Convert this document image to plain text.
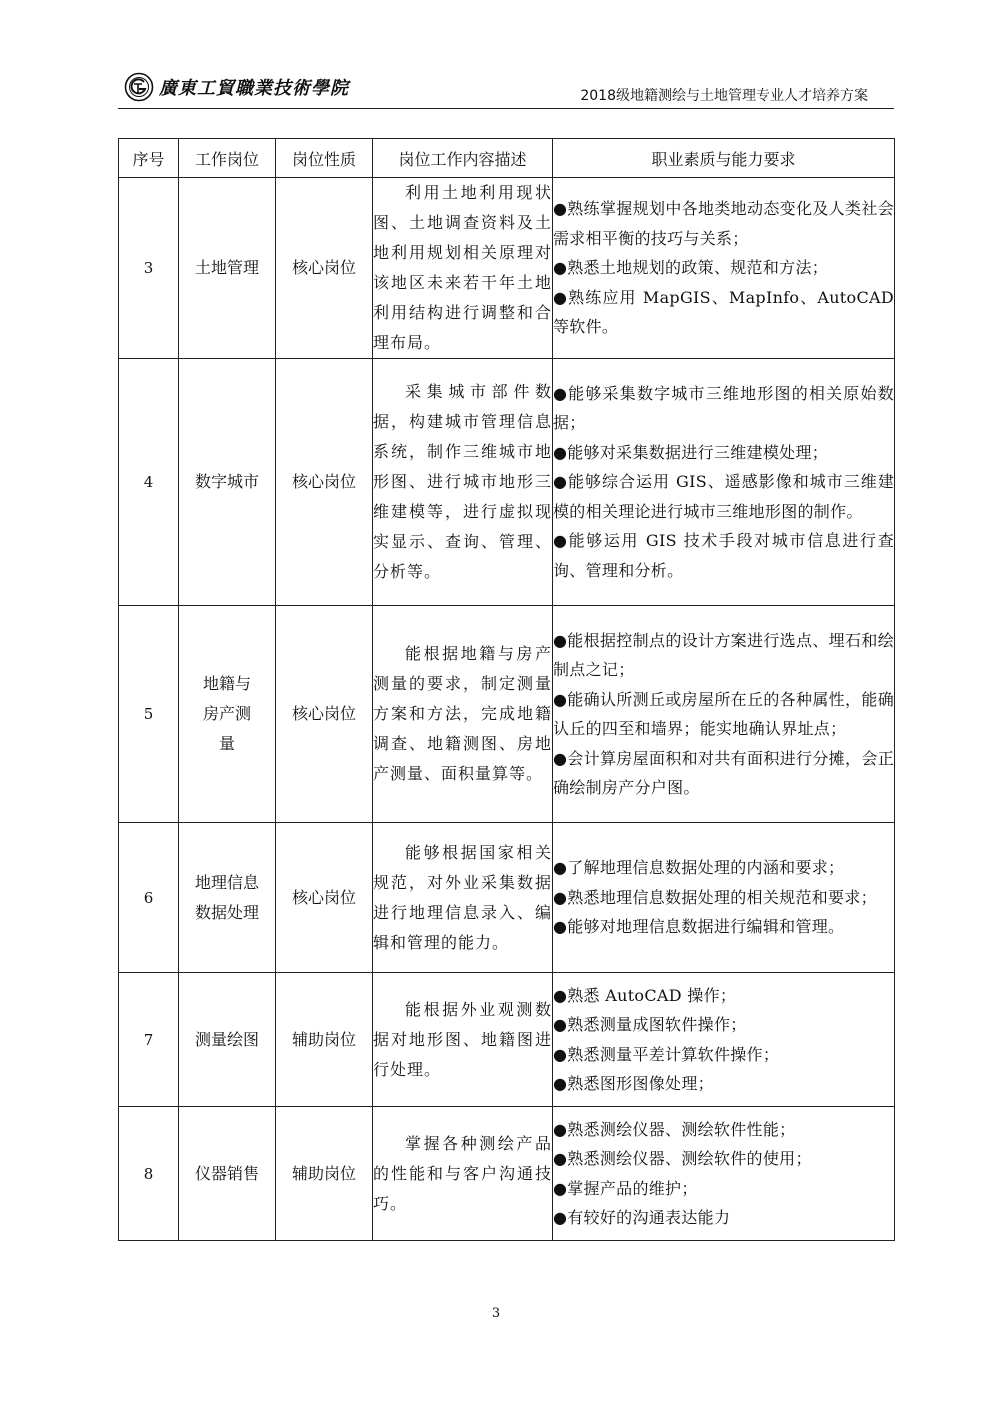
廣東工貿職業技術學院	2018级地籍测绘与土地管理专业人才培养方案
序号	工作岗位	岗位性质	岗位工作内容描述	职业素质与能力要求
3	土地管理	核心岗位	利用土地利用现状图、土地调查资料及土地利用规划相关原理对该地区未来若干年土地利用结构进行调整和合理布局。	●熟练掌握规划中各地类地动态变化及人类社会需求相平衡的技巧与关系；
●熟悉土地规划的政策、规范和方法；
●熟练应用 MapGIS、MapInfo、AutoCAD 等软件。

4	数字城市	核心岗位	采集城市部件数据，构建城市管理信息系统，制作三维城市地形图、进行城市地形三维建模等，进行虚拟现实显示、查询、管理、分析等。	●能够采集数字城市三维地形图的相关原始数据；
●能够对采集数据进行三维建模处理；
●能够综合运用 GIS、遥感影像和城市三维建模的相关理论进行城市三维地形图的制作。
●能够运用 GIS 技术手段对城市信息进行查询、管理和分析。

5	地籍与房产测量	核心岗位	能根据地籍与房产测量的要求，制定测量方案和方法，完成地籍调查、地籍测图、房地产测量、面积量算等。	●能根据控制点的设计方案进行选点、埋石和绘制点之记；
●能确认所测丘或房屋所在丘的各种属性，能确认丘的四至和墙界；能实地确认界址点；
●会计算房屋面积和对共有面积进行分摊，会正确绘制房产分户图。

6	地理信息数据处理	核心岗位	能够根据国家相关规范，对外业采集数据进行地理信息录入、编辑和管理的能力。	●了解地理信息数据处理的内涵和要求；
●熟悉地理信息数据处理的相关规范和要求；
●能够对地理信息数据进行编辑和管理。

7	测量绘图	辅助岗位	能根据外业观测数据对地形图、地籍图进行处理。	●熟悉 AutoCAD 操作；
●熟悉测量成图软件操作；
●熟悉测量平差计算软件操作；
●熟悉图形图像处理；

8	仪器销售	辅助岗位	掌握各种测绘产品的性能和与客户沟通技巧。	●熟悉测绘仪器、测绘软件性能；
●熟悉测绘仪器、测绘软件的使用；
●掌握产品的维护；
●有较好的沟通表达能力
3
